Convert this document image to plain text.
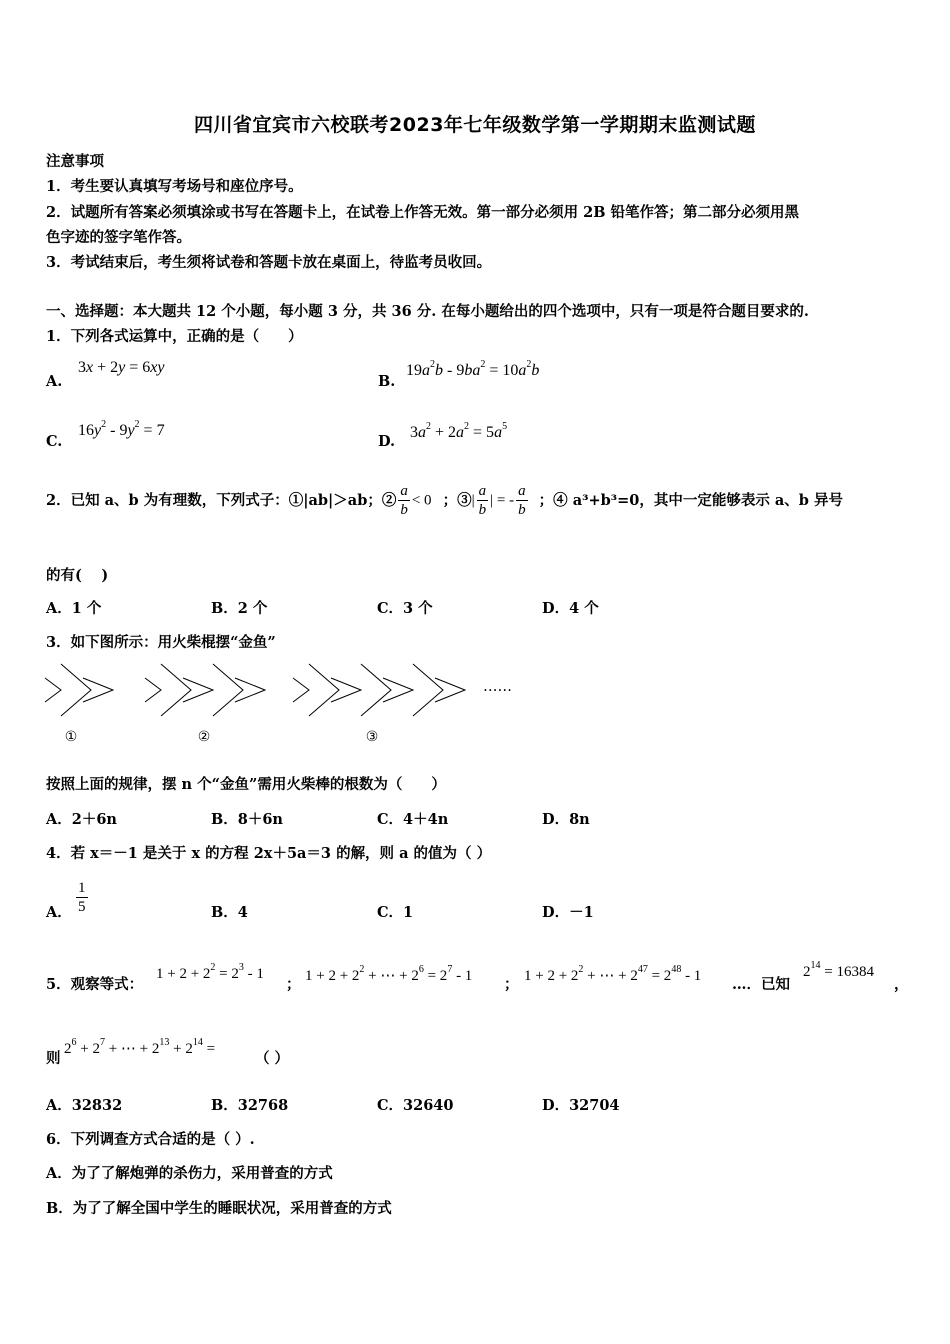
四川省宜宾市六校联考2023年七年级数学第一学期期末监测试题
注意事项
1．考生要认真填写考场号和座位序号。
2．试题所有答案必须填涂或书写在答题卡上，在试卷上作答无效。第一部分必须用 2B 铅笔作答；第二部分必须用黑
色字迹的签字笔作答。
3．考试结束后，考生须将试卷和答题卡放在桌面上，待监考员收回。
一、选择题：本大题共 12 个小题，每小题 3 分，共 36 分. 在每小题给出的四个选项中，只有一项是符合题目要求的.
1．下列各式运算中，正确的是（　　）
A.
3x + 2y = 6xy
B.
$19a^2b - 9ba^2 = 10a^2b$
C.
$16y^2 - 9y^2 = 7$
D.
$3a^2 + 2a^2 = 5a^5$
2．已知 a、b 为有理数，下列式子：①|ab|＞ab；② $\frac{a}{b} < 0$ ；③| $\frac{a}{b}$ | = - $\frac{a}{b}$ ；④ a³+b³=0，其中一定能够表示 a、b 异号
的有(　 )
A．1 个	B．2 个	C．3 个	D．4 个
3．如下图所示：用火柴棍摆“金鱼”
……
①	②	③
按照上面的规律，摆 n 个“金鱼”需用火柴棒的根数为（　　）
A．2＋6n	B．8＋6n	C．4＋4n	D．8n
4．若 x＝－1 是关于 x 的方程 2x＋5a＝3 的解，则 a 的值为（ ）
A． $\frac{1}{5}$	B．4	C．1	D．－1
5．观察等式：
$1 + 2 + 2^2 = 2^3 - 1$
； $1 + 2 + 2^2$ + ⋯ + $2^6 = 2^7 - 1$ ； $1 + 2 + 2^2$ + ⋯ + $2^{47} = 2^{48} - 1$ …．已知
$2^{14} = 16384$
，
则
$2^6 + 2^7$ + ⋯ + $2^{13} + 2^{14}$ =
（ ）
A．32832	B．32768	C．32640	D．32704
6．下列调查方式合适的是（ ）.
A．为了了解炮弹的杀伤力，采用普查的方式
B．为了了解全国中学生的睡眠状况，采用普查的方式
